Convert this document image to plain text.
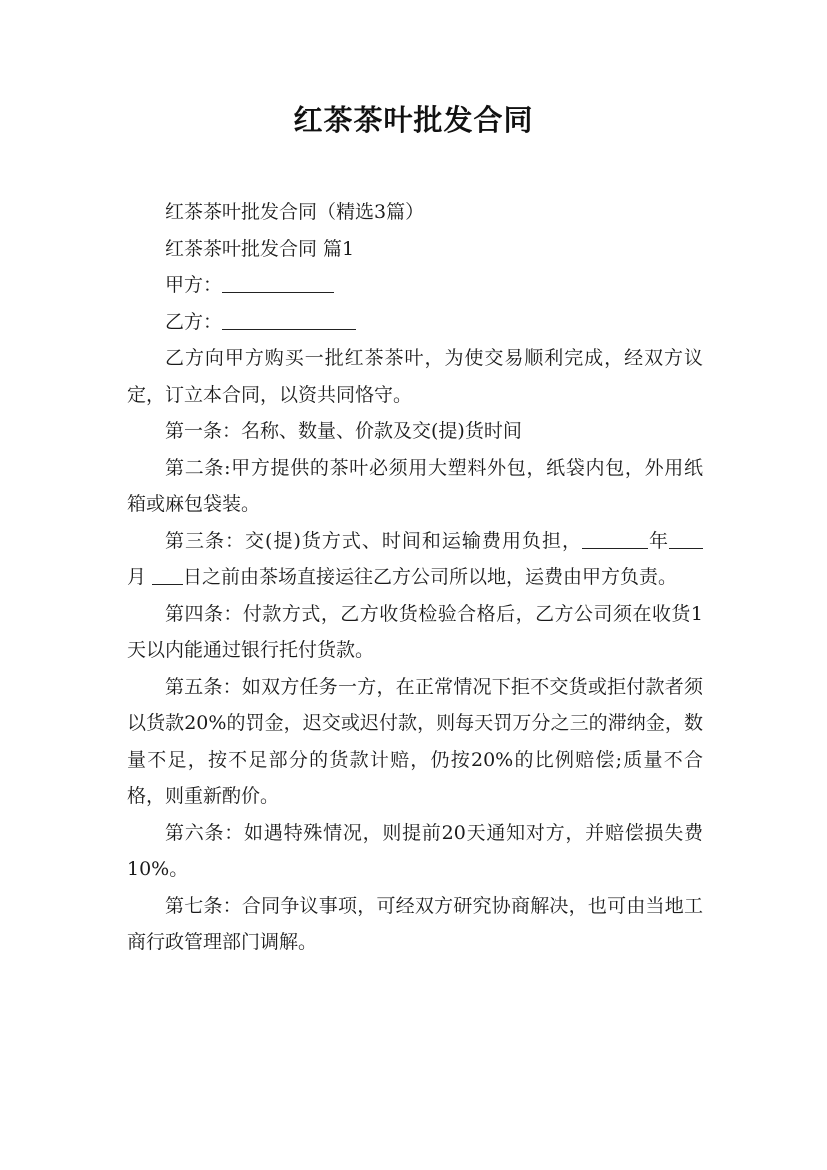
红茶茶叶批发合同

红茶茶叶批发合同（精选3篇）

红茶茶叶批发合同 篇1

甲方：

乙方：

乙方向甲方购买一批红茶茶叶，为使交易顺利完成，经双方议定，订立本合同，以资共同恪守。

第一条：名称、数量、价款及交(提)货时间

第二条:甲方提供的茶叶必须用大塑料外包，纸袋内包，外用纸箱或麻包袋装。

第三条：交(提)货方式、时间和运输费用负担，	年 月 日之前由茶场直接运往乙方公司所以地，运费由甲方负责。

第四条：付款方式，乙方收货检验合格后，乙方公司须在收货1天以内能通过银行托付货款。

第五条：如双方任务一方，在正常情况下拒不交货或拒付款者须以货款20%的罚金，迟交或迟付款，则每天罚万分之三的滞纳金，数量不足，按不足部分的货款计赔，仍按20%的比例赔偿;质量不合格，则重新酌价。

第六条：如遇特殊情况，则提前20天通知对方，并赔偿损失费10%。

第七条：合同争议事项，可经双方研究协商解决，也可由当地工商行政管理部门调解。
